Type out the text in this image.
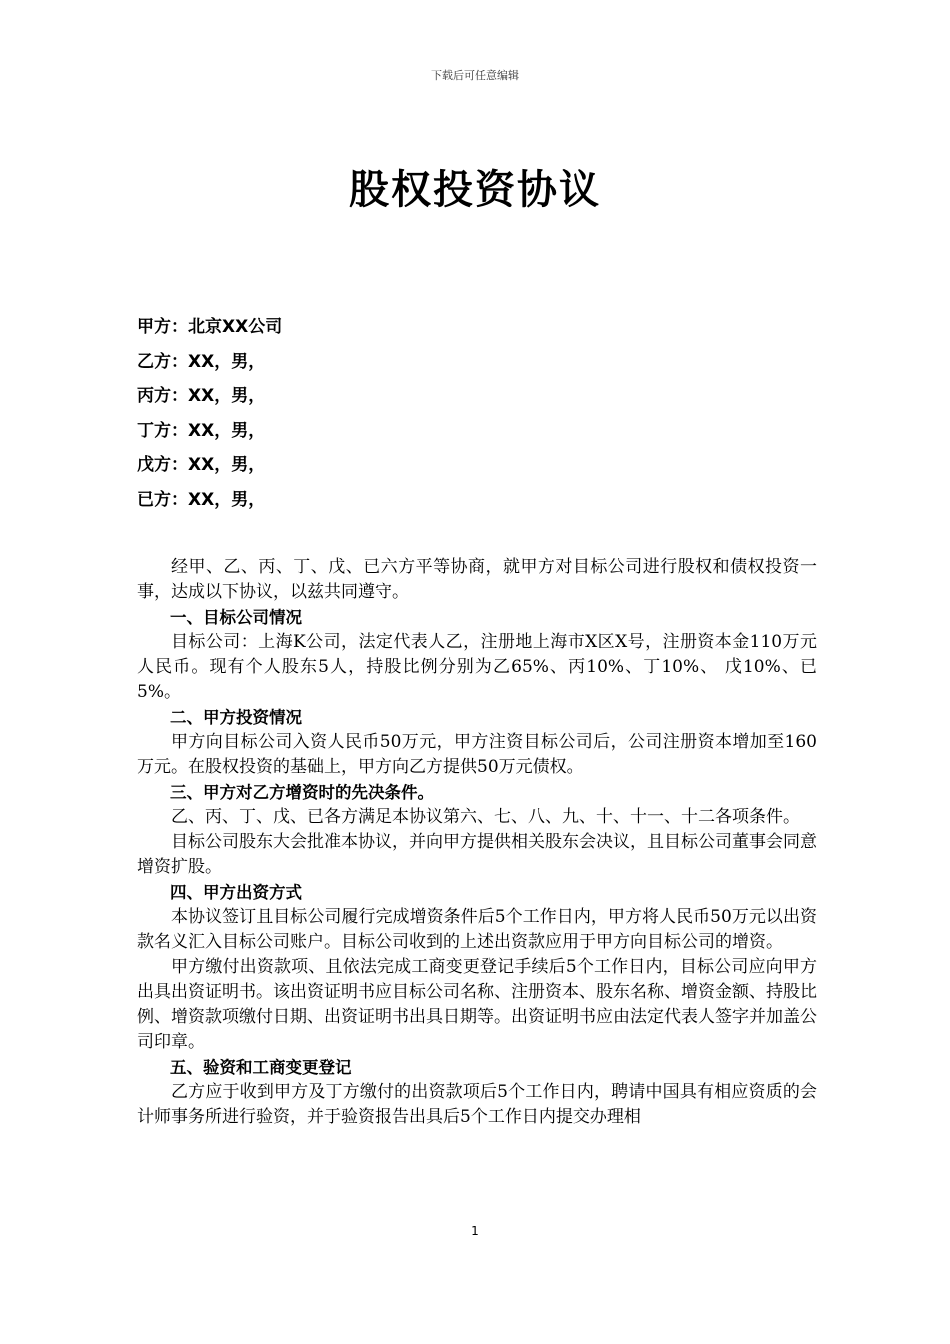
下载后可任意编辑
股权投资协议
甲方：北京XX公司
乙方：XX，男，
丙方：XX，男，
丁方：XX，男，
戊方：XX，男，
已方：XX，男，

经甲、乙、丙、丁、戊、已六方平等协商，就甲方对目标公司进行股权和债权投资一事，达成以下协议，以兹共同遵守。

一、目标公司情况

目标公司：上海K公司，法定代表人乙，注册地上海市X区X号，注册资本金110万元人民币。现有个人股东5人，持股比例分别为乙65%、丙10%、丁10%、 戊10%、已5%。

二、甲方投资情况

甲方向目标公司入资人民币50万元，甲方注资目标公司后，公司注册资本增加至160万元。在股权投资的基础上，甲方向乙方提供50万元债权。

三、甲方对乙方增资时的先决条件。

乙、丙、丁、戊、已各方满足本协议第六、七、八、九、十、十一、十二各项条件。

目标公司股东大会批准本协议，并向甲方提供相关股东会决议，且目标公司董事会同意增资扩股。

四、甲方出资方式

本协议签订且目标公司履行完成增资条件后5个工作日内，甲方将人民币50万元以出资款名义汇入目标公司账户。目标公司收到的上述出资款应用于甲方向目标公司的增资。

甲方缴付出资款项、且依法完成工商变更登记手续后5个工作日内，目标公司应向甲方出具出资证明书。该出资证明书应目标公司名称、注册资本、股东名称、增资金额、持股比例、增资款项缴付日期、出资证明书出具日期等。出资证明书应由法定代表人签字并加盖公司印章。

五、验资和工商变更登记

乙方应于收到甲方及丁方缴付的出资款项后5个工作日内，聘请中国具有相应资质的会计师事务所进行验资，并于验资报告出具后5个工作日内提交办理相

1
